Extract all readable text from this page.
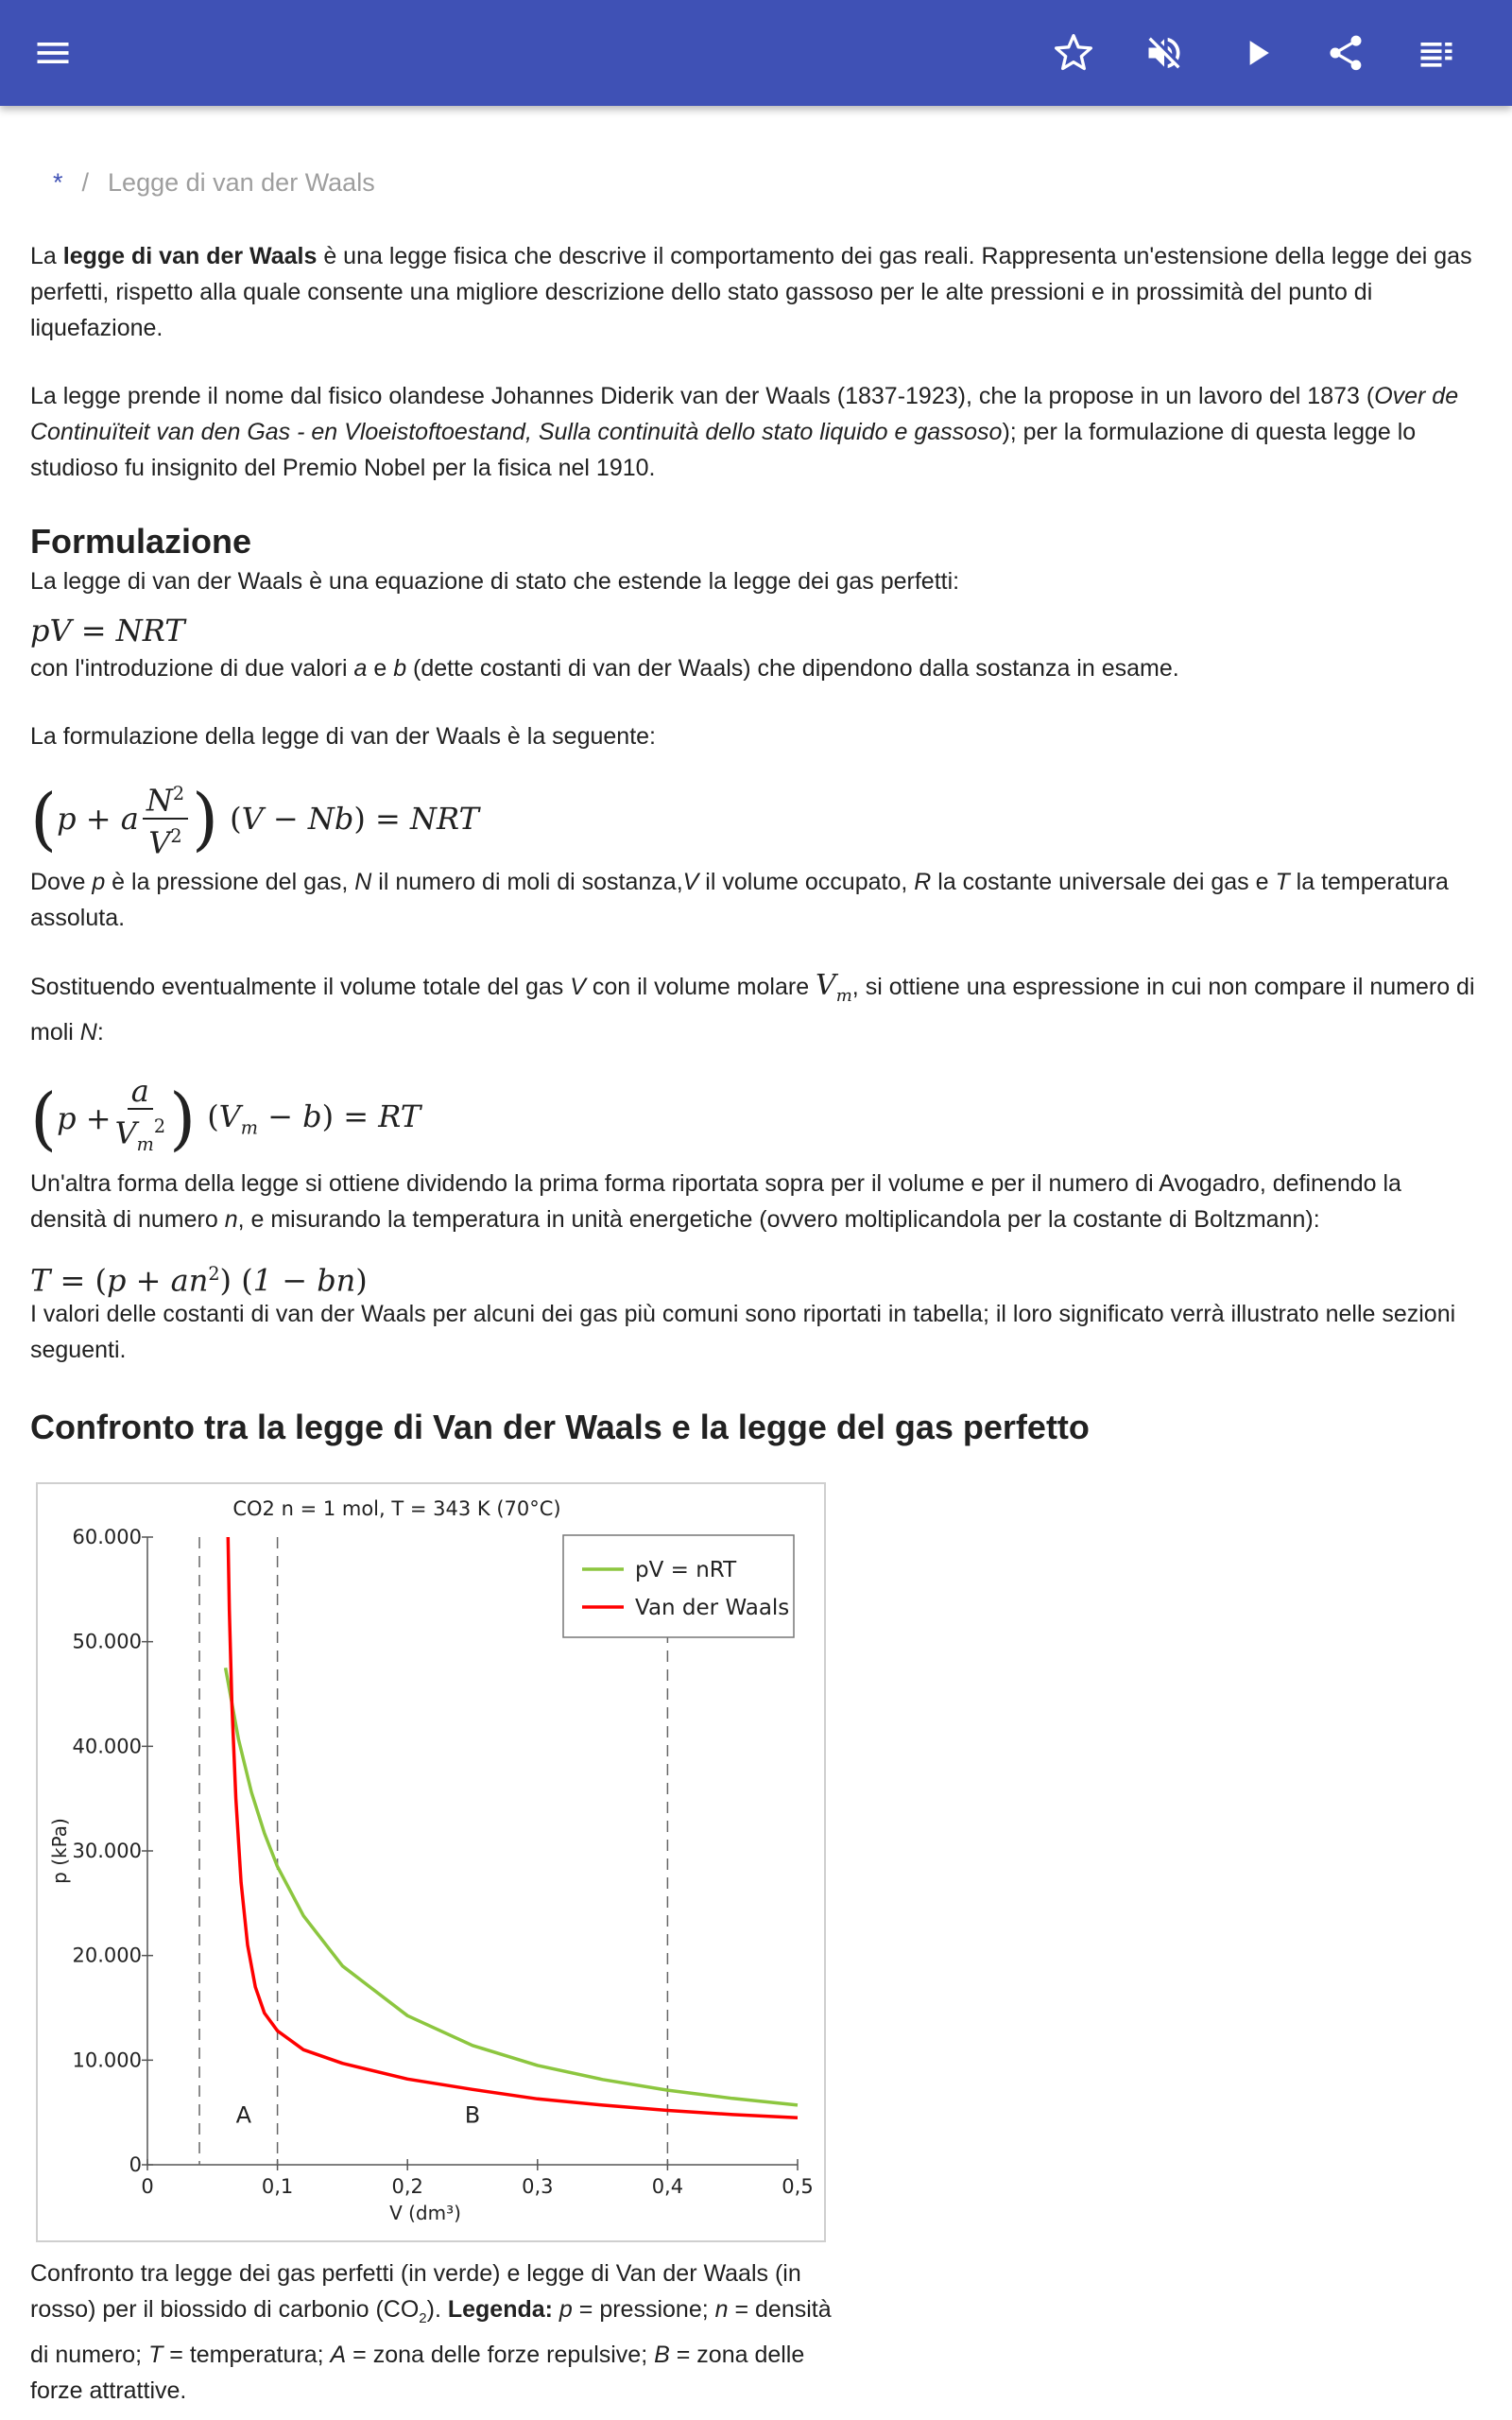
* / Legge di van der Waals

La legge di van der Waals è una legge fisica che descrive il comportamento dei gas reali. Rappresenta un'estensione della legge dei gas perfetti, rispetto alla quale consente una migliore descrizione dello stato gassoso per le alte pressioni e in prossimità del punto di liquefazione.

La legge prende il nome dal fisico olandese Johannes Diderik van der Waals (1837-1923), che la propose in un lavoro del 1873 (Over de Continuïteit van den Gas - en Vloeistoftoestand, Sulla continuità dello stato liquido e gassoso); per la formulazione di questa legge lo studioso fu insignito del Premio Nobel per la fisica nel 1910.

Formulazione

La legge di van der Waals è una equazione di stato che estende la legge dei gas perfetti:

pV = NRT

con l'introduzione di due valori a e b (dette costanti di van der Waals) che dipendono dalla sostanza in esame.

La formulazione della legge di van der Waals è la seguente:

( p + a $\frac{N^2}{V^2}$ ) (V − Nb) = NRT

Dove p è la pressione del gas, N il numero di moli di sostanza,V il volume occupato, R la costante universale dei gas e T la temperatura assoluta.

Sostituendo eventualmente il volume totale del gas V con il volume molare $V_m$, si ottiene una espressione in cui non compare il numero di moli N:

( $p + \frac{a}{V_m^2}$ ) $(V_m - b)$ = RT

Un'altra forma della legge si ottiene dividendo la prima forma riportata sopra per il volume e per il numero di Avogadro, definendo la densità di numero n, e misurando la temperatura in unità energetiche (ovvero moltiplicandola per la costante di Boltzmann):

$T = (p + an^2)$ (1 − bn)

I valori delle costanti di van der Waals per alcuni dei gas più comuni sono riportati in tabella; il loro significato verrà illustrato nelle sezioni seguenti.

Confronto tra la legge di Van der Waals e la legge del gas perfetto
CO2 n = 1 mol, T = 343 K (70°C)
0
10.000
20.000
30.000
40.000
50.000
60.000
0	0,1	0,2	0,3	0,4	0,5
V (dm³)
p (kPa)
A	B
pV = nRT
Van der Waals
Confronto tra legge dei gas perfetti (in verde) e legge di Van der Waals (in rosso) per il biossido di carbonio $(CO_2)$. Legenda: p = pressione; n = densità di numero; T = temperatura; A = zona delle forze repulsive; B = zona delle forze attrattive.
